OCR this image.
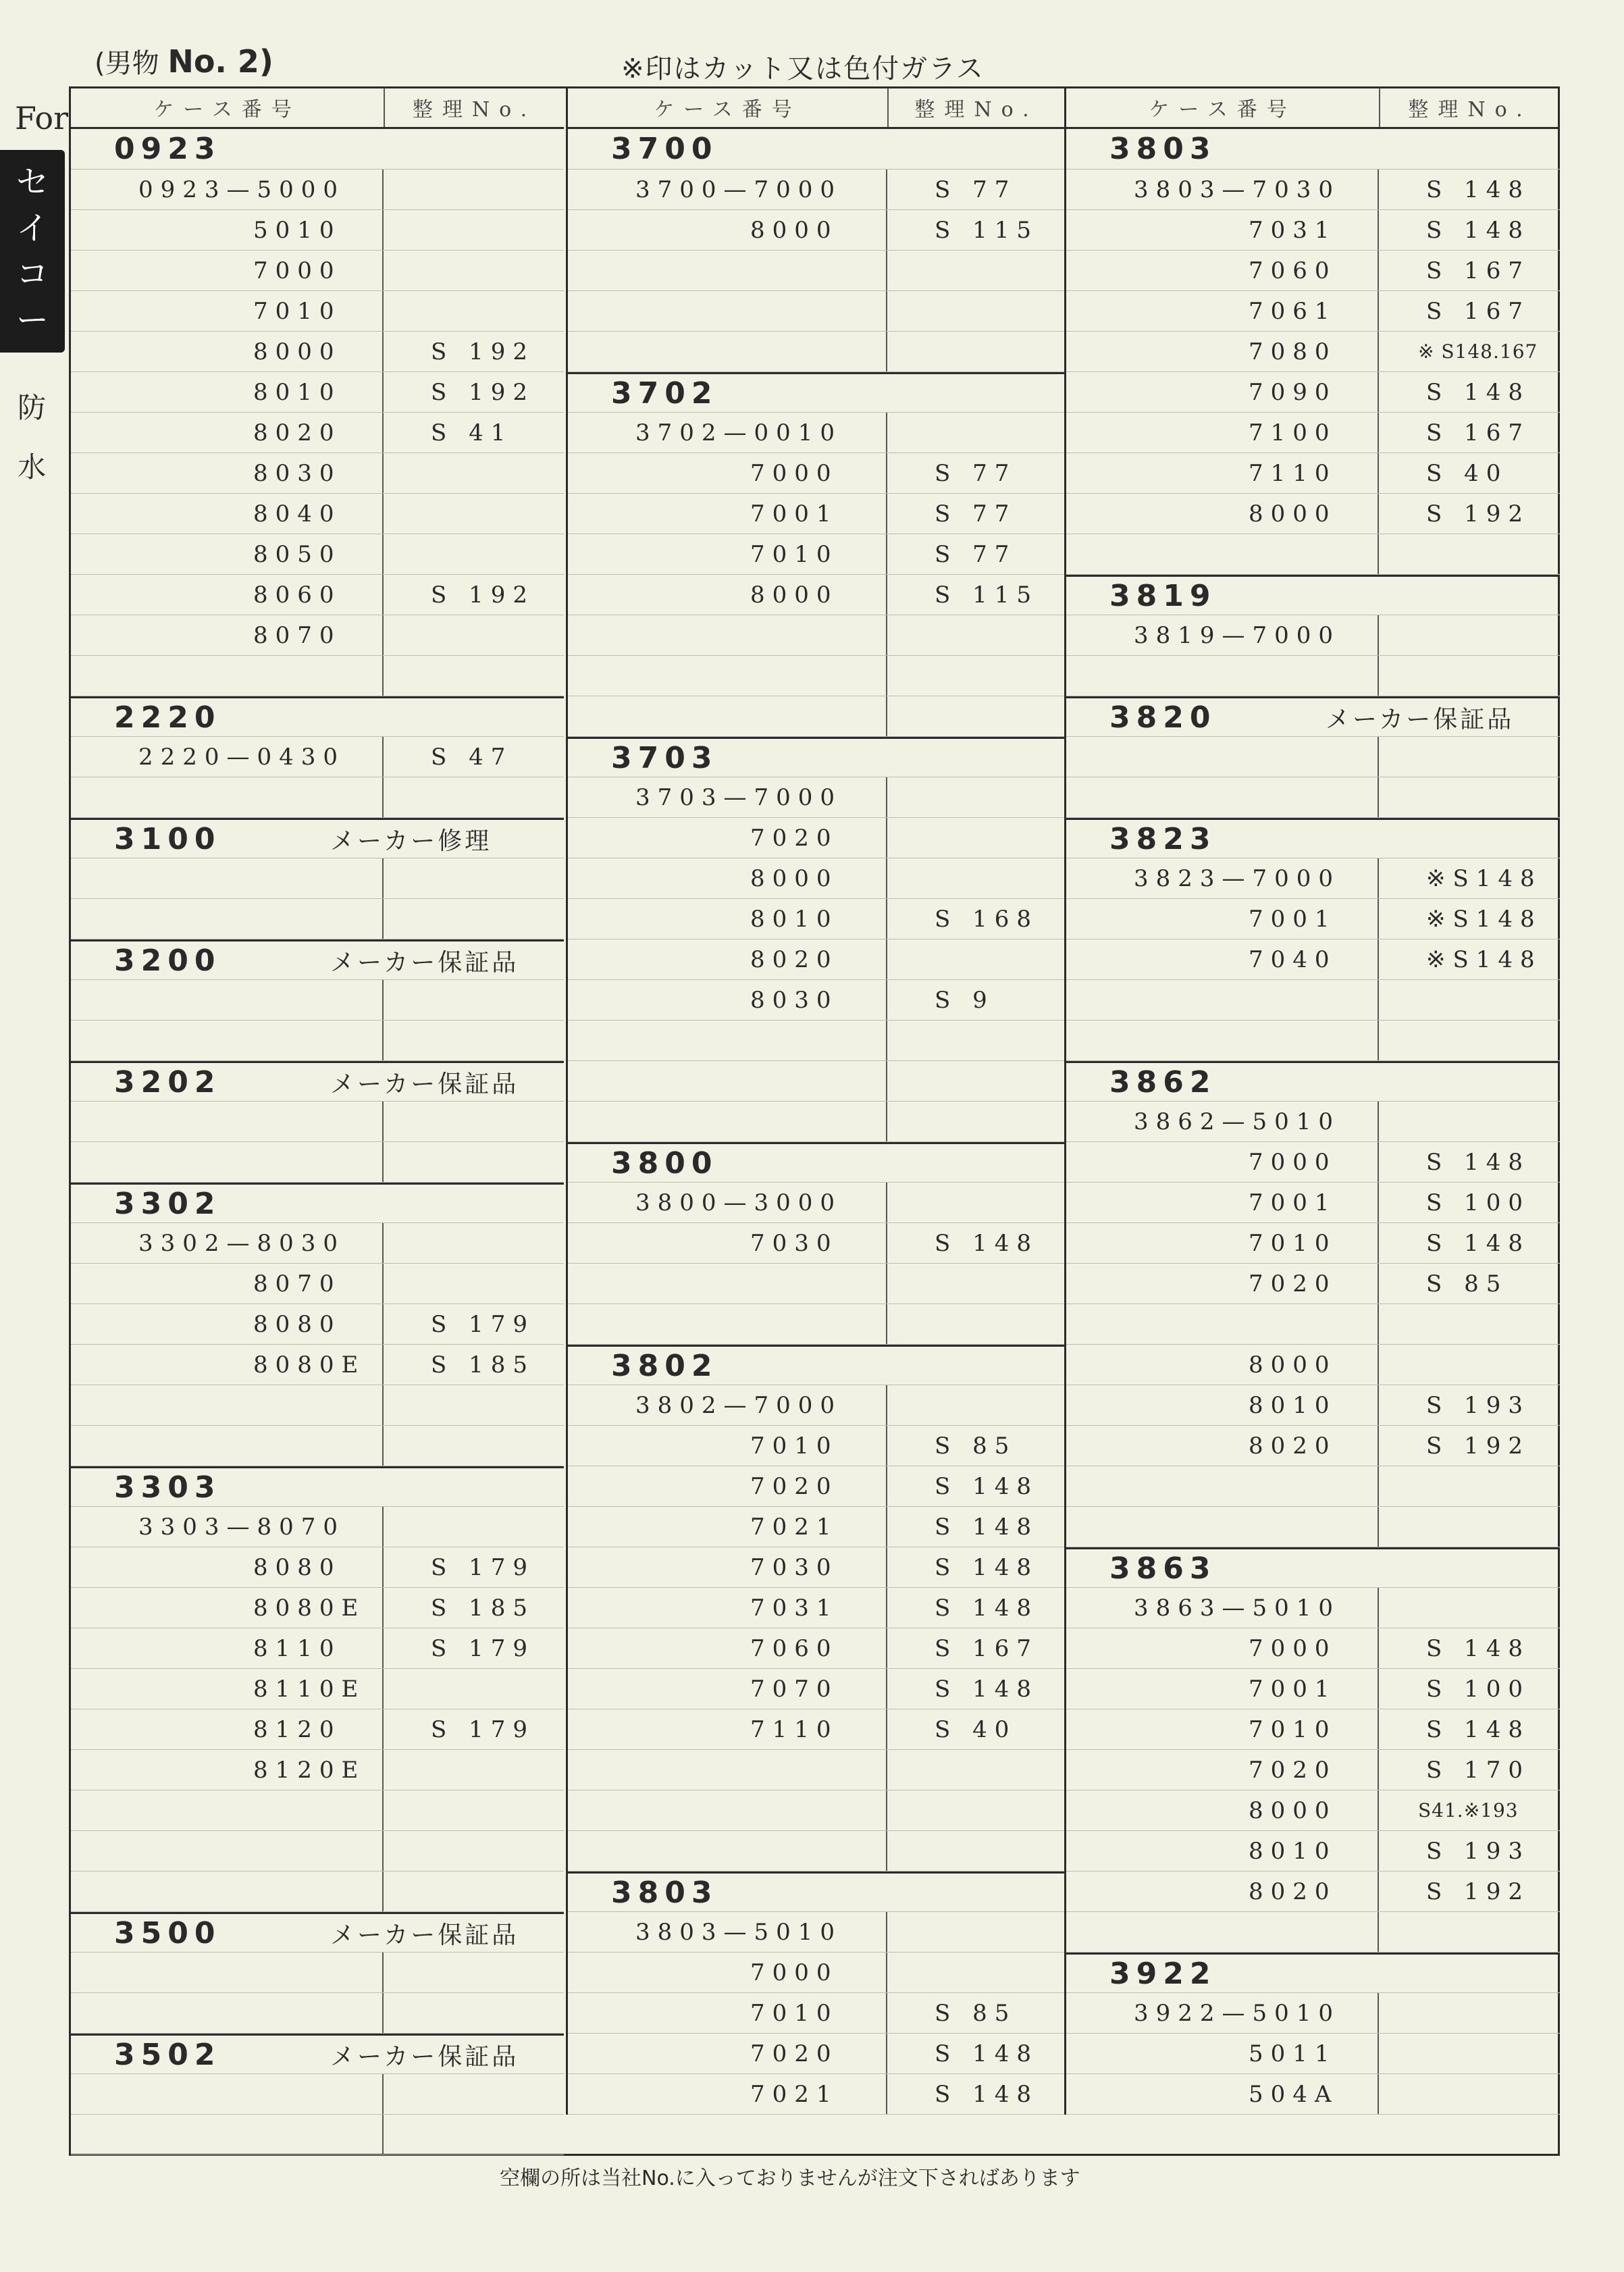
(男物 No. 2)	※印はカット又は色付ガラス
For
セ
イ
コ
ー
防
水
ケース番号	整理No.
0923
0923—5000
5010
7000
7010
8000	S 192
8010	S 192
8020	S 41
8030
8040
8050
8060	S 192
8070
2220
2220—0430	S 47
3100	メーカー修理
3200	メーカー保証品
3202	メーカー保証品
3302
3302—8030
8070
8080	S 179
8080E	S 185
3303
3303—8070
8080	S 179
8080E	S 185
8110	S 179
8110E
8120	S 179
8120E
3500	メーカー保証品
3502	メーカー保証品
ケース番号	整理No.
3700
3700—7000	S 77
8000	S 115
3702
3702—0010
7000	S 77
7001	S 77
7010	S 77
8000	S 115
3703
3703—7000
7020
8000
8010	S 168
8020
8030	S 9
3800
3800—3000
7030	S 148
3802
3802—7000
7010	S 85
7020	S 148
7021	S 148
7030	S 148
7031	S 148
7060	S 167
7070	S 148
7110	S 40
3803
3803—5010
7000
7010	S 85
7020	S 148
7021	S 148
ケース番号	整理No.
3803
3803—7030	S 148
7031	S 148
7060	S 167
7061	S 167
7080	※ S148.167
7090	S 148
7100	S 167
7110	S 40
8000	S 192
3819
3819—7000
3820	メーカー保証品
3823
3823—7000	※S148
7001	※S148
7040	※S148
3862
3862—5010
7000	S 148
7001	S 100
7010	S 148
7020	S 85
8000
8010	S 193
8020	S 192
3863
3863—5010
7000	S 148
7001	S 100
7010	S 148
7020	S 170
8000	S41.※193
8010	S 193
8020	S 192
3922
3922—5010
5011
504A
空欄の所は当社No.に入っておりませんが注文下さればあります
